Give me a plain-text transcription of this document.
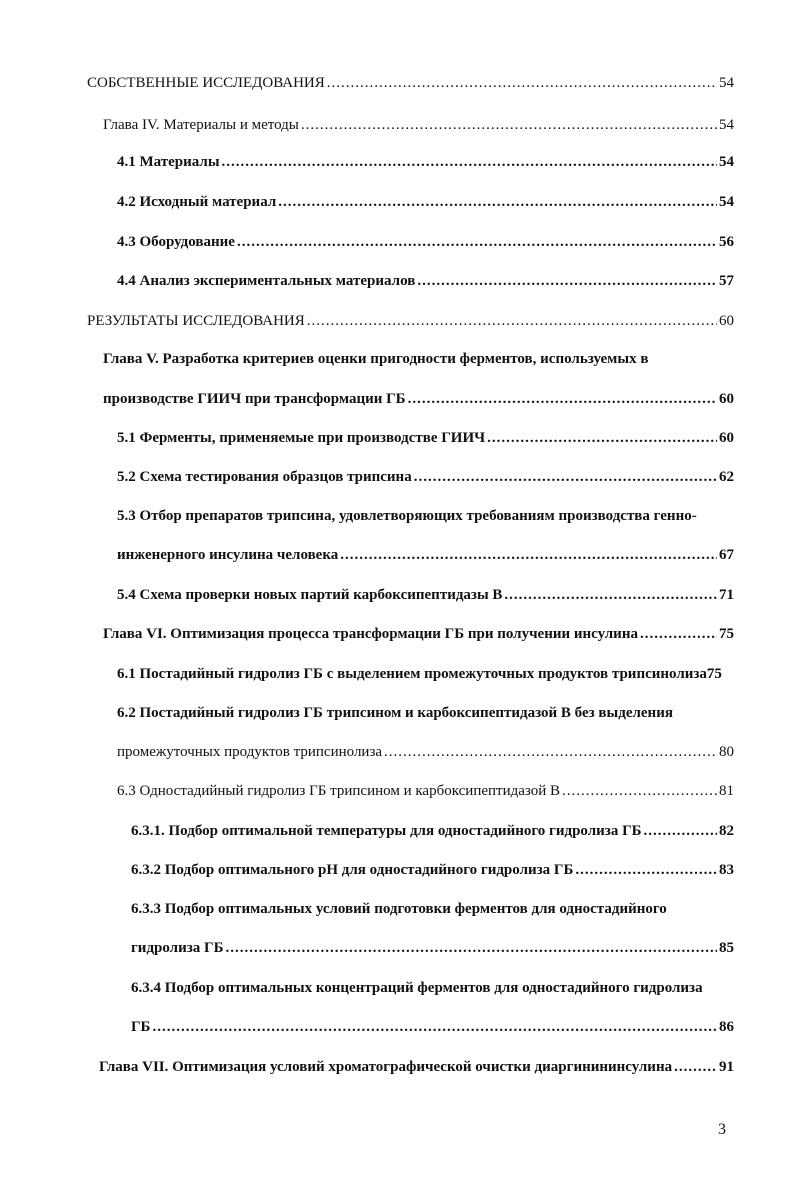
СОБСТВЕННЫЕ ИССЛЕДОВАНИЯ .....	54
Глава IV. Материалы и методы .....	54
4.1 Материалы .....	54
4.2 Исходный материал .....	54
4.3 Оборудование .....	56
4.4 Анализ экспериментальных материалов .....	57
РЕЗУЛЬТАТЫ ИССЛЕДОВАНИЯ .....	60
Глава V. Разработка критериев оценки пригодности ферментов, используемых в
производстве ГИИЧ при трансформации ГБ .....	60
5.1 Ферменты, применяемые при производстве ГИИЧ .....	60
5.2 Схема тестирования образцов трипсина .....	62
5.3 Отбор препаратов трипсина, удовлетворяющих требованиям производства генно-
инженерного инсулина человека .....	67
5.4 Схема проверки новых партий карбоксипептидазы В .....	71
Глава VI. Оптимизация процесса трансформации ГБ при получении инсулина .....	75
6.1 Постадийный гидролиз ГБ с выделением промежуточных продуктов трипсинолиза 75
6.2 Постадийный гидролиз ГБ трипсином и карбоксипептидазой В без выделения
промежуточных продуктов трипсинолиза .....	80
6.3 Одностадийный гидролиз ГБ трипсином и карбоксипептидазой В .....	81
6.3.1. Подбор оптимальной температуры для одностадийного гидролиза ГБ .....	82
6.3.2 Подбор оптимального pH для одностадийного гидролиза ГБ .....	83
6.3.3 Подбор оптимальных условий подготовки ферментов для одностадийного
гидролиза ГБ .....	85
6.3.4 Подбор оптимальных концентраций ферментов для одностадийного гидролиза
ГБ .....	86
Глава VII. Оптимизация условий хроматографической очистки диаргинининсулина .....	91
3
